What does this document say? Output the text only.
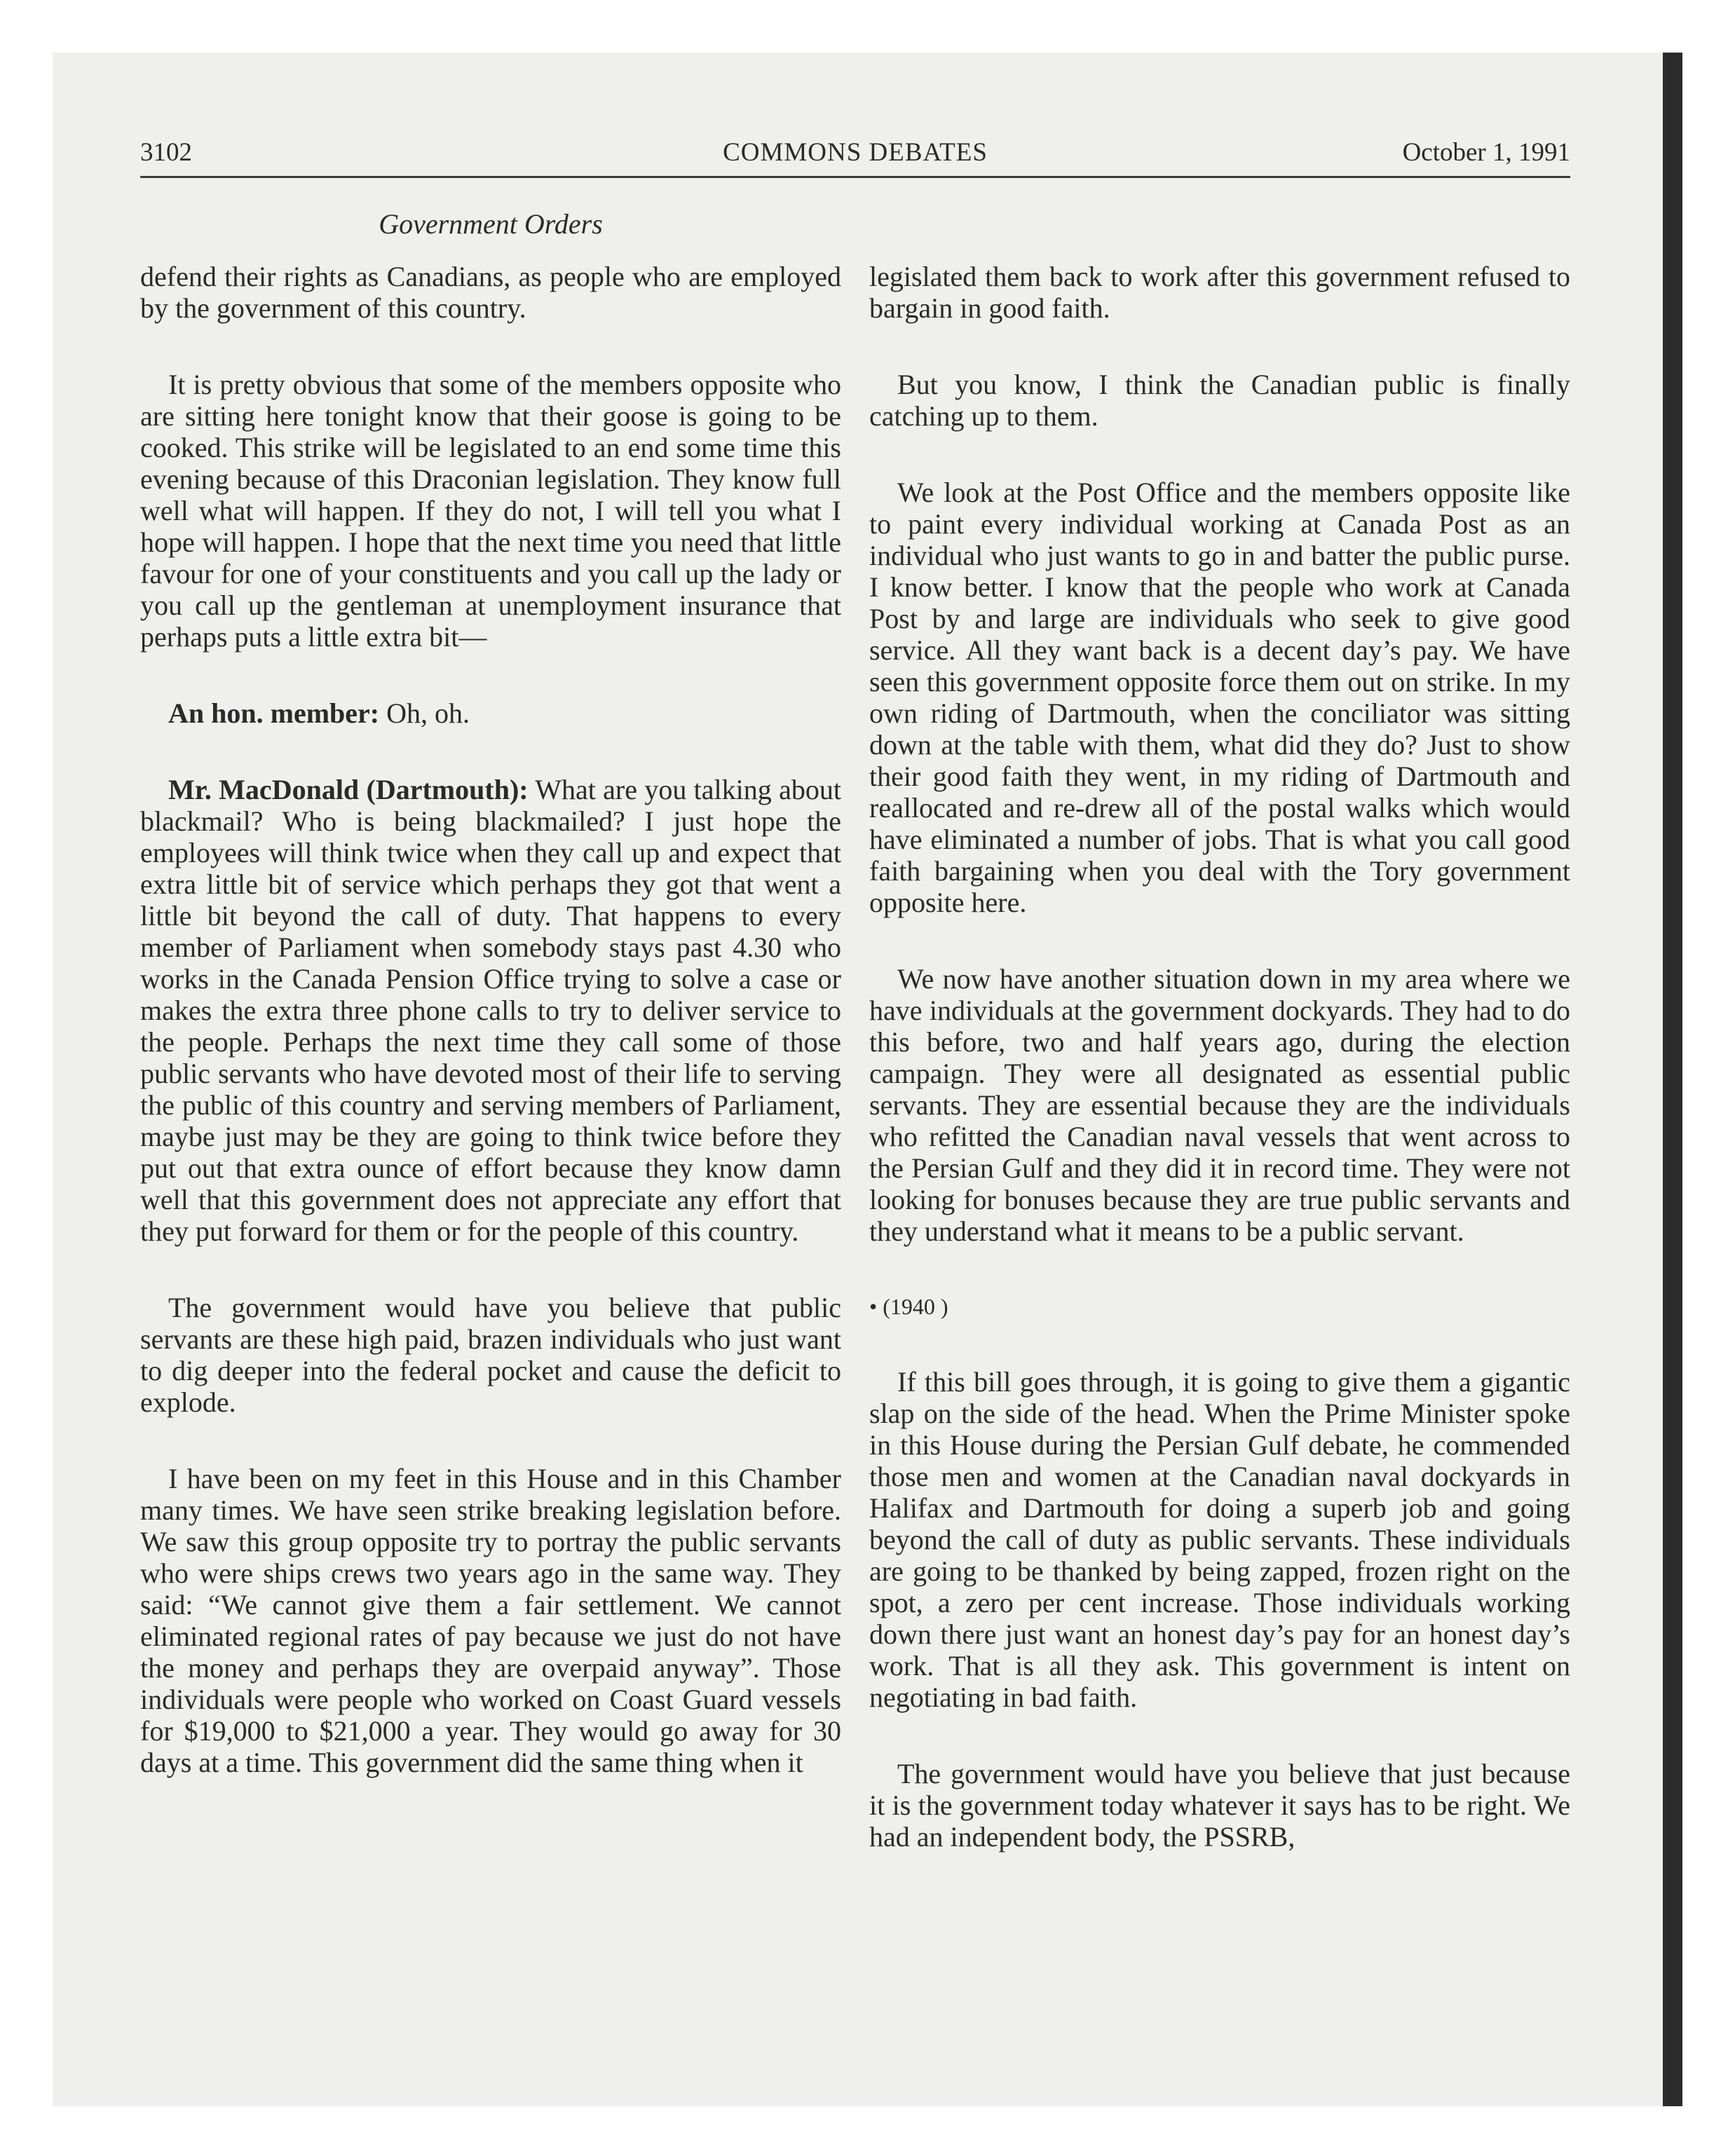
3102	COMMONS DEBATES	October 1, 1991
Government Orders

defend their rights as Canadians, as people who are employed by the government of this country.

It is pretty obvious that some of the members opposite who are sitting here tonight know that their goose is going to be cooked. This strike will be legislated to an end some time this evening because of this Draconian legislation. They know full well what will happen. If they do not, I will tell you what I hope will happen. I hope that the next time you need that little favour for one of your constituents and you call up the lady or you call up the gentleman at unemployment insurance that perhaps puts a little extra bit—

An hon. member: Oh, oh.

Mr. MacDonald (Dartmouth): What are you talking about blackmail? Who is being blackmailed? I just hope the employees will think twice when they call up and expect that extra little bit of service which perhaps they got that went a little bit beyond the call of duty. That happens to every member of Parliament when somebody stays past 4.30 who works in the Canada Pension Office trying to solve a case or makes the extra three phone calls to try to deliver service to the people. Perhaps the next time they call some of those public servants who have devoted most of their life to serving the public of this country and serving members of Parliament, maybe just may be they are going to think twice before they put out that extra ounce of effort because they know damn well that this government does not appreciate any effort that they put forward for them or for the people of this country.

The government would have you believe that public servants are these high paid, brazen individuals who just want to dig deeper into the federal pocket and cause the deficit to explode.

I have been on my feet in this House and in this Chamber many times. We have seen strike breaking legislation before. We saw this group opposite try to portray the public servants who were ships crews two years ago in the same way. They said: “We cannot give them a fair settlement. We cannot eliminated regional rates of pay because we just do not have the money and perhaps they are overpaid anyway”. Those individuals were people who worked on Coast Guard vessels for $19,000 to $21,000 a year. They would go away for 30 days at a time. This government did the same thing when it

legislated them back to work after this government refused to bargain in good faith.

But you know, I think the Canadian public is finally catching up to them.

We look at the Post Office and the members opposite like to paint every individual working at Canada Post as an individual who just wants to go in and batter the public purse. I know better. I know that the people who work at Canada Post by and large are individuals who seek to give good service. All they want back is a decent day’s pay. We have seen this government opposite force them out on strike. In my own riding of Dartmouth, when the conciliator was sitting down at the table with them, what did they do? Just to show their good faith they went, in my riding of Dartmouth and reallocated and re-drew all of the postal walks which would have eliminated a number of jobs. That is what you call good faith bargaining when you deal with the Tory government opposite here.

We now have another situation down in my area where we have individuals at the government dockyards. They had to do this before, two and half years ago, during the election campaign. They were all designated as essential public servants. They are essential because they are the individuals who refitted the Canadian naval vessels that went across to the Persian Gulf and they did it in record time. They were not looking for bonuses because they are true public servants and they understand what it means to be a public servant.

• (1940 )

If this bill goes through, it is going to give them a gigantic slap on the side of the head. When the Prime Minister spoke in this House during the Persian Gulf debate, he commended those men and women at the Canadian naval dockyards in Halifax and Dartmouth for doing a superb job and going beyond the call of duty as public servants. These individuals are going to be thanked by being zapped, frozen right on the spot, a zero per cent increase. Those individuals working down there just want an honest day’s pay for an honest day’s work. That is all they ask. This government is intent on negotiating in bad faith.

The government would have you believe that just because it is the government today whatever it says has to be right. We had an independent body, the PSSRB,
